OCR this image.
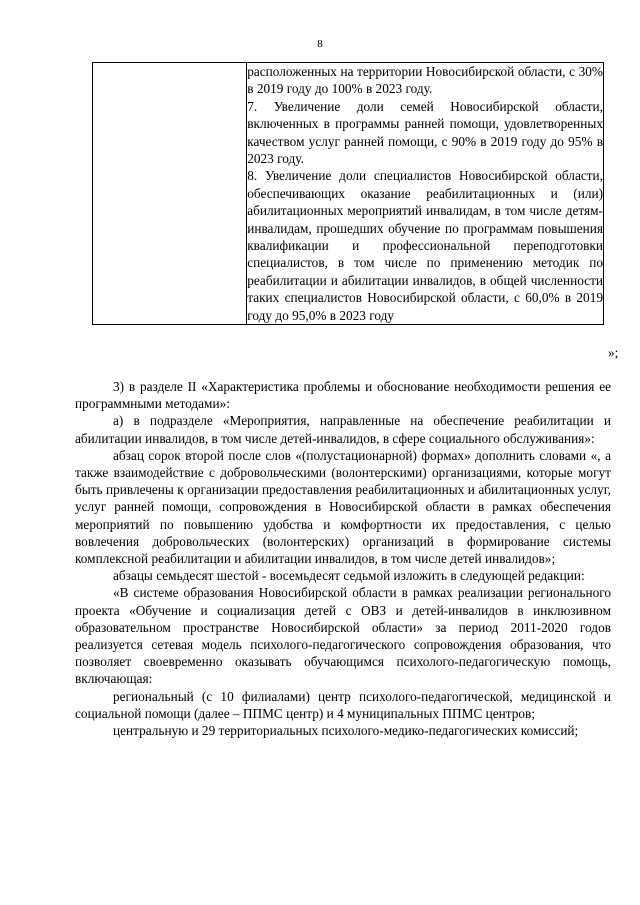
8

расположенных на территории Новосибирской области, с 30% в 2019 году до 100% в 2023 году.

7. Увеличение доли семей Новосибирской области, включенных в программы ранней помощи, удовлетворенных качеством услуг ранней помощи, с 90% в 2019 году до 95% в 2023 году.

8. Увеличение доли специалистов Новосибирской области, обеспечивающих оказание реабилитационных и (или) абилитационных мероприятий инвалидам, в том числе детям-инвалидам, прошедших обучение по программам повышения квалификации и профессиональной переподготовки специалистов, в том числе по применению методик по реабилитации и абилитации инвалидов, в общей численности таких специалистов Новосибирской области, с 60,0% в 2019 году до 95,0% в 2023 году

»;

3) в разделе II «Характеристика проблемы и обоснование необходимости решения ее программными методами»:

а) в подразделе «Мероприятия, направленные на обеспечение реабилитации и абилитации инвалидов, в том числе детей-инвалидов, в сфере социального обслуживания»:

абзац сорок второй после слов «(полустационарной) формах» дополнить словами «, а также взаимодействие с добровольческими (волонтерскими) организациями, которые могут быть привлечены к организации предоставления реабилитационных и абилитационных услуг, услуг ранней помощи, сопровождения в Новосибирской области в рамках обеспечения мероприятий по повышению удобства и комфортности их предоставления, с целью вовлечения добровольческих (волонтерских) организаций в формирование системы комплексной реабилитации и абилитации инвалидов, в том числе детей инвалидов»;

абзацы семьдесят шестой - восемьдесят седьмой изложить в следующей редакции:

«В системе образования Новосибирской области в рамках реализации регионального проекта «Обучение и социализация детей с ОВЗ и детей-инвалидов в инклюзивном образовательном пространстве Новосибирской области» за период 2011-2020 годов реализуется сетевая модель психолого-педагогического сопровождения образования, что позволяет своевременно оказывать обучающимся психолого-педагогическую помощь, включающая:

региональный (с 10 филиалами) центр психолого-педагогической, медицинской и социальной помощи (далее – ППМС центр) и 4 муниципальных ППМС центров;

центральную и 29 территориальных психолого-медико-педагогических комиссий;
